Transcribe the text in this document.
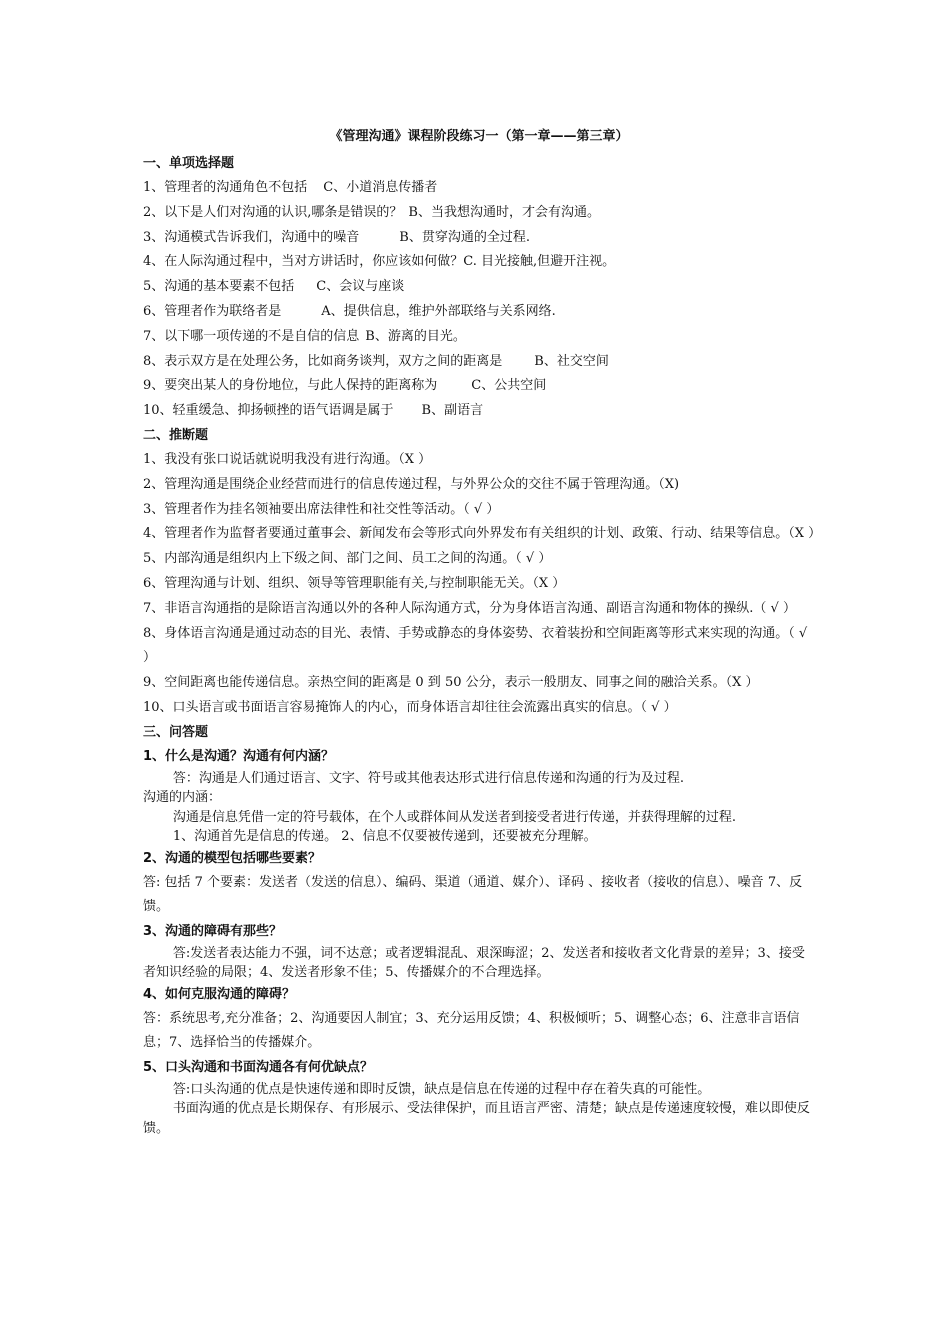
《管理沟通》课程阶段练习一（第一章——第三章）
一、单项选择题
1、管理者的沟通角色不包括 C、小道消息传播者
2、以下是人们对沟通的认识,哪条是错误的？ B、当我想沟通时，才会有沟通。
3、沟通模式告诉我们，沟通中的噪音	B、贯穿沟通的全过程.
4、在人际沟通过程中，当对方讲话时，你应该如何做？C. 目光接触,但避开注视。
5、沟通的基本要素不包括 C、会议与座谈
6、管理者作为联络者是	A、提供信息，维护外部联络与关系网络.
7、以下哪一项传递的不是自信的信息 B、游离的目光。
8、表示双方是在处理公务，比如商务谈判，双方之间的距离是 B、社交空间
9、要突出某人的身份地位，与此人保持的距离称为	C、公共空间
10、轻重缓急、抑扬顿挫的语气语调是属于 B、副语言
二、推断题
1、我没有张口说话就说明我没有进行沟通。（X ）
2、管理沟通是围绕企业经营而进行的信息传递过程，与外界公众的交往不属于管理沟通。（X)
3、管理者作为挂名领袖要出席法律性和社交性等活动。（ √ ）

4、管理者作为监督者要通过董事会、新闻发布会等形式向外界发布有关组织的计划、政策、行动、结果等信息。（X ）

5、内部沟通是组织内上下级之间、部门之间、员工之间的沟通。（ √ ）
6、管理沟通与计划、组织、领导等管理职能有关,与控制职能无关。（X ）

7、非语言沟通指的是除语言沟通以外的各种人际沟通方式，分为身体语言沟通、副语言沟通和物体的操纵.（ √ ）

8、身体语言沟通是通过动态的目光、表情、手势或静态的身体姿势、衣着装扮和空间距离等形式来实现的沟通。（ √ ）

9、空间距离也能传递信息。亲热空间的距离是 0 到 50 公分，表示一般朋友、同事之间的融洽关系。（X ）

10、口头语言或书面语言容易掩饰人的内心，而身体语言却往往会流露出真实的信息。（ √ ）
三、问答题
1、什么是沟通？沟通有何内涵？

答：沟通是人们通过语言、文字、符号或其他表达形式进行信息传递和沟通的行为及过程.

沟通的内涵：

沟通是信息凭借一定的符号载体，在个人或群体间从发送者到接受者进行传递，并获得理解的过程.

1、沟通首先是信息的传递。 2、信息不仅要被传递到，还要被充分理解。

2、沟通的模型包括哪些要素？

答: 包括 7 个要素：发送者（发送的信息）、编码、渠道（通道、媒介）、译码 、接收者（接收的信息）、噪音 7、反馈。

3、沟通的障碍有那些？

答:发送者表达能力不强，词不达意；或者逻辑混乱、艰深晦涩；2、发送者和接收者文化背景的差异；3、接受者知识经验的局限；4、发送者形象不佳；5、传播媒介的不合理选择。

4、如何克服沟通的障碍？

答：系统思考,充分准备；2、沟通要因人制宜；3、充分运用反馈；4、积极倾听；5、调整心态；6、注意非言语信息；7、选择恰当的传播媒介。

5、口头沟通和书面沟通各有何优缺点？

答:口头沟通的优点是快速传递和即时反馈，缺点是信息在传递的过程中存在着失真的可能性。

书面沟通的优点是长期保存、有形展示、受法律保护，而且语言严密、清楚；缺点是传递速度较慢，难以即使反馈。
